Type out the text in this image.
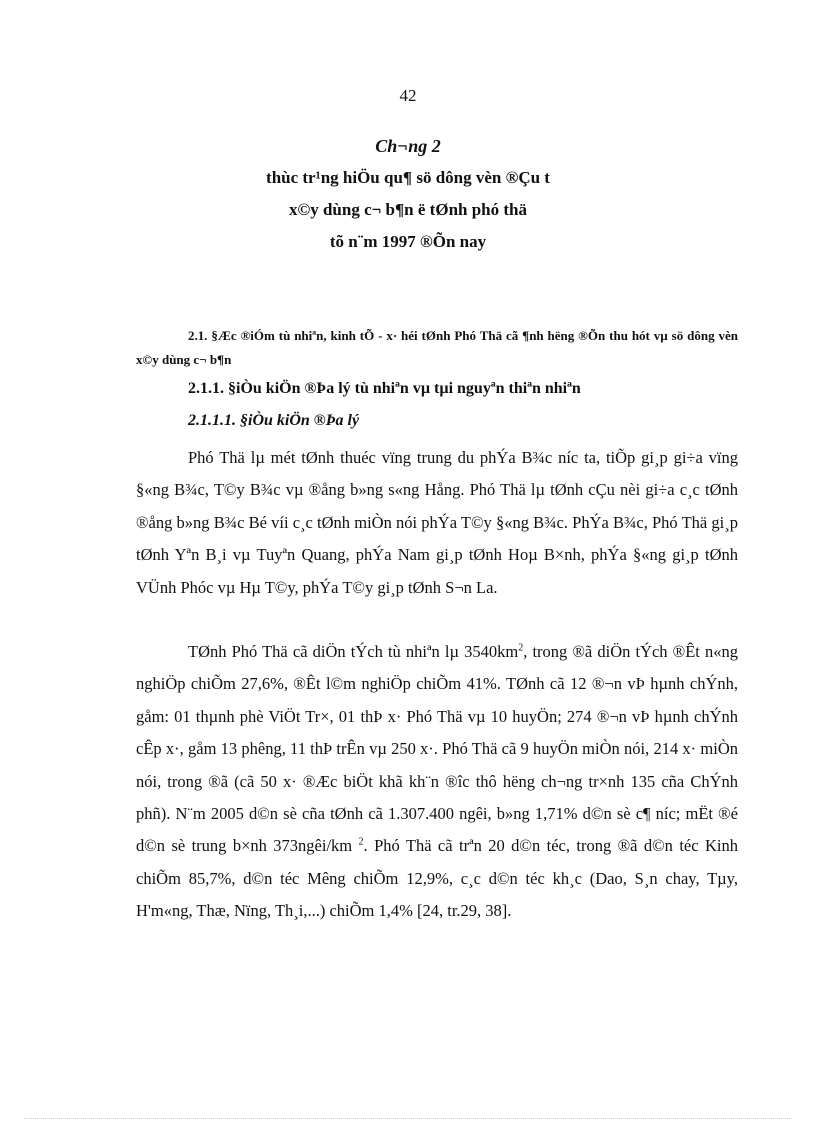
42

Ch¬ng 2

thùc tr¹ng hiÖu qu¶ sö dông vèn ®Çu t

x©y dùng c¬ b¶n ë tØnh phó thä

tõ n¨m 1997 ®Õn nay

2.1. §Æc ®iÓm tù nhiªn, kinh tÕ - x· héi tØnh Phó Thä cã ¶nh hëng ®Õn thu hót vµ sö dông vèn x©y dùng c¬ b¶n

2.1.1. §iÒu kiÖn ®Þa lý tù nhiªn vµ tµi nguyªn thiªn nhiªn

2.1.1.1. §iÒu kiÖn ®Þa lý

Phó Thä lµ mét tØnh thuéc vïng trung du phÝa B¾c níc ta, tiÕp gi¸p gi÷a vïng §«ng B¾c, T©y B¾c vµ ®ång b»ng s«ng Hång. Phó Thä lµ tØnh cÇu nèi gi÷a c¸c tØnh ®ång b»ng B¾c Bé víi c¸c tØnh miÒn nói phÝa T©y §«ng B¾c. PhÝa B¾c, Phó Thä gi¸p tØnh Yªn B¸i vµ Tuyªn Quang, phÝa Nam gi¸p tØnh Hoµ B×nh, phÝa §«ng gi¸p tØnh VÜnh Phóc vµ Hµ T©y, phÝa T©y gi¸p tØnh S¬n La.

TØnh Phó Thä cã diÖn tÝch tù nhiªn lµ $3540km^2$, trong ®ã diÖn tÝch ®Êt n«ng nghiÖp chiÕm 27,6%, ®Êt l©m nghiÖp chiÕm 41%. TØnh cã 12 ®¬n vÞ hµnh chÝnh, gåm: 01 thµnh phè ViÖt Tr×, 01 thÞ x· Phó Thä vµ 10 huyÖn; 274 ®¬n vÞ hµnh chÝnh cÊp x·, gåm 13 phêng, 11 thÞ trÊn vµ 250 x·. Phó Thä cã 9 huyÖn miÒn nói, 214 x· miÒn nói, trong ®ã (cã 50 x· ®Æc biÖt khã kh¨n ®îc thô hëng ch¬ng tr×nh 135 cña ChÝnh phñ). N¨m 2005 d©n sè cña tØnh cã 1.307.400 ngêi, b»ng 1,71% d©n sè c¶ níc; mËt ®é d©n sè trung b×nh 373ngêi/km $^2$. Phó Thä cã trªn 20 d©n téc, trong ®ã d©n téc Kinh chiÕm 85,7%, d©n téc Mêng chiÕm 12,9%, c¸c d©n téc kh¸c (Dao, S¸n chay, Tµy, H'm«ng, Thæ, Nïng, Th¸i,...) chiÕm 1,4% [24, tr.29, 38].
